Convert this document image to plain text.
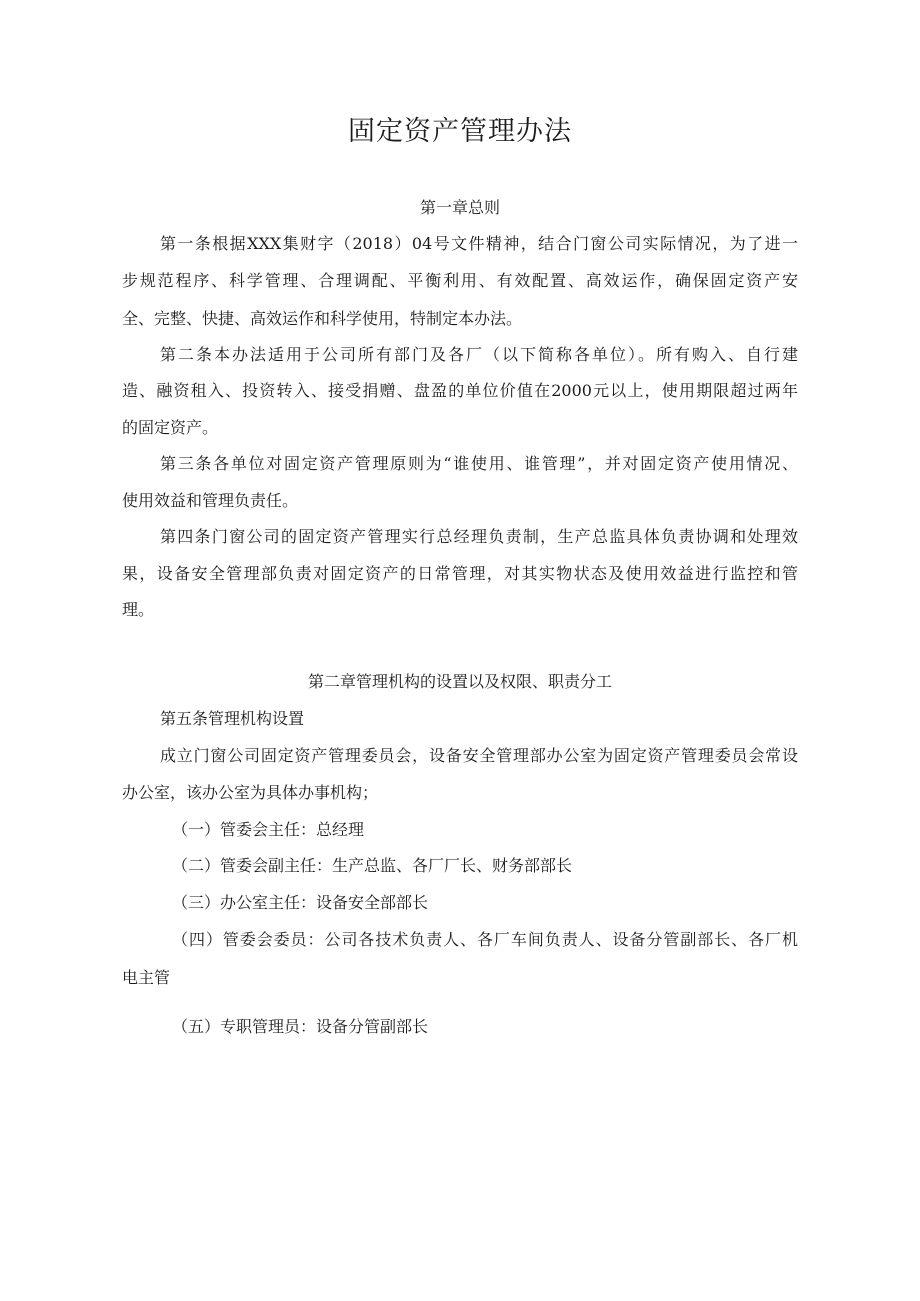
固定资产管理办法
第一章总则
第一条根据XXX集财字（2018）04号文件精神，结合门窗公司实际情况，为了进一
步规范程序、科学管理、合理调配、平衡利用、有效配置、高效运作，确保固定资产安
全、完整、快捷、高效运作和科学使用，特制定本办法。
第二条本办法适用于公司所有部门及各厂（以下简称各单位）。所有购入、自行建
造、融资租入、投资转入、接受捐赠、盘盈的单位价值在2000元以上，使用期限超过两年
的固定资产。
第三条各单位对固定资产管理原则为“谁使用、谁管理”，并对固定资产使用情况、
使用效益和管理负责任。
第四条门窗公司的固定资产管理实行总经理负责制，生产总监具体负责协调和处理效
果，设备安全管理部负责对固定资产的日常管理，对其实物状态及使用效益进行监控和管
理。
第二章管理机构的设置以及权限、职责分工
第五条管理机构设置
成立门窗公司固定资产管理委员会，设备安全管理部办公室为固定资产管理委员会常设
办公室，该办公室为具体办事机构；
（一）管委会主任：总经理
（二）管委会副主任：生产总监、各厂厂长、财务部部长
（三）办公室主任：设备安全部部长
（四）管委会委员：公司各技术负责人、各厂车间负责人、设备分管副部长、各厂机
电主管
（五）专职管理员：设备分管副部长
